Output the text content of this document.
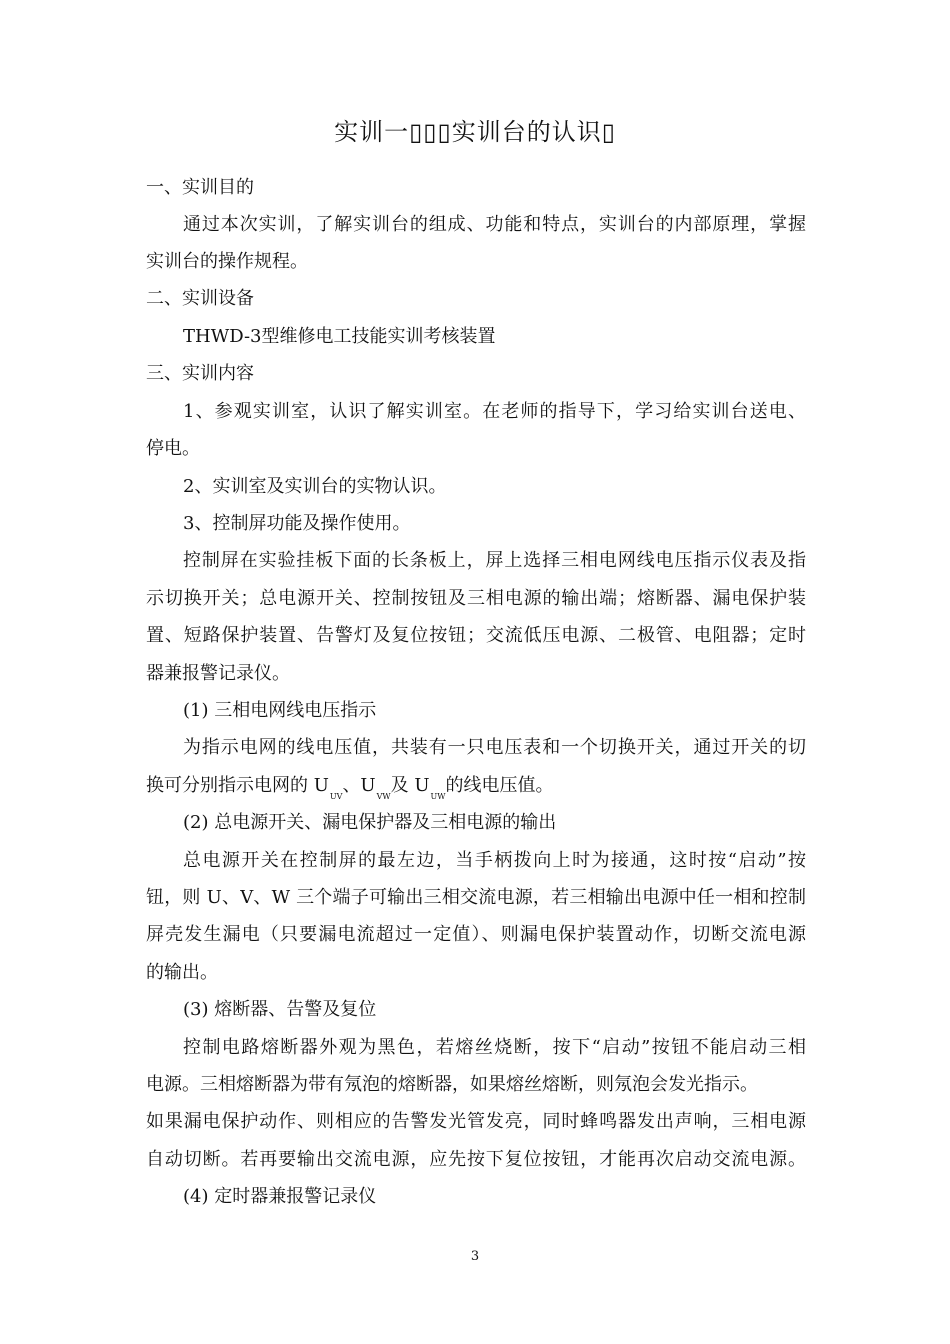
实训一▯▯▯实训台的认识▯
一、实训目的
通过本次实训，了解实训台的组成、功能和特点，实训台的内部原理，掌握
实训台的操作规程。
二、实训设备
THWD-3型维修电工技能实训考核装置
三、实训内容
1、参观实训室，认识了解实训室。在老师的指导下，学习给实训台送电、
停电。
2、实训室及实训台的实物认识。
3、控制屏功能及操作使用。
控制屏在实验挂板下面的长条板上，屏上选择三相电网线电压指示仪表及指
示切换开关；总电源开关、控制按钮及三相电源的输出端；熔断器、漏电保护装
置、短路保护装置、告警灯及复位按钮；交流低压电源、二极管、电阻器；定时
器兼报警记录仪。
(1) 三相电网线电压指示
为指示电网的线电压值，共装有一只电压表和一个切换开关，通过开关的切
换可分别指示电网的 $U_{UV}$、$U_{VW}$及 $U_{UW}$的线电压值。
(2) 总电源开关、漏电保护器及三相电源的输出
总电源开关在控制屏的最左边，当手柄拨向上时为接通，这时按“启动”按
钮，则 U、V、W 三个端子可输出三相交流电源，若三相输出电源中任一相和控制
屏壳发生漏电（只要漏电流超过一定值）、则漏电保护装置动作，切断交流电源
的输出。
(3) 熔断器、告警及复位
控制电路熔断器外观为黑色，若熔丝烧断，按下“启动”按钮不能启动三相
电源。三相熔断器为带有氖泡的熔断器，如果熔丝熔断，则氖泡会发光指示。
如果漏电保护动作、则相应的告警发光管发亮，同时蜂鸣器发出声响，三相电源
自动切断。若再要输出交流电源，应先按下复位按钮，才能再次启动交流电源。
(4) 定时器兼报警记录仪
3
